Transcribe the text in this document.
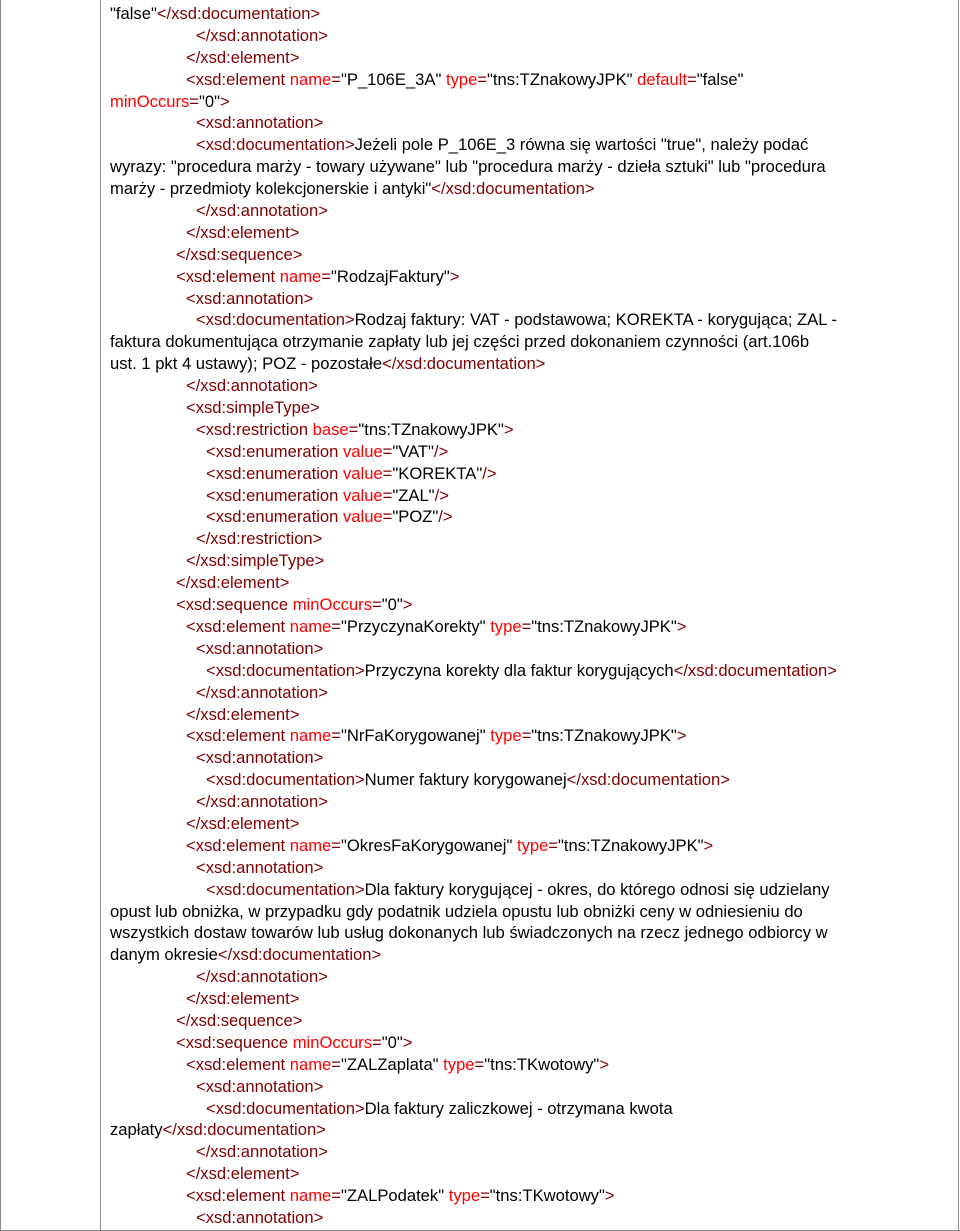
"false"</xsd:documentation>
</xsd:annotation>
</xsd:element>
<xsd:element name="P_106E_3A" type="tns:TZnakowyJPK" default="false"
minOccurs="0">
<xsd:annotation>
<xsd:documentation>Jeżeli pole P_106E_3 równa się wartości "true", należy podać
wyrazy: "procedura marży - towary używane" lub "procedura marży - dzieła sztuki" lub "procedura
marży - przedmioty kolekcjonerskie i antyki"</xsd:documentation>
</xsd:annotation>
</xsd:element>
</xsd:sequence>
<xsd:element name="RodzajFaktury">
<xsd:annotation>
<xsd:documentation>Rodzaj faktury: VAT - podstawowa; KOREKTA - korygująca; ZAL -
faktura dokumentująca otrzymanie zapłaty lub jej części przed dokonaniem czynności (art.106b
ust. 1 pkt 4 ustawy); POZ - pozostałe</xsd:documentation>
</xsd:annotation>
<xsd:simpleType>
<xsd:restriction base="tns:TZnakowyJPK">
<xsd:enumeration value="VAT"/>
<xsd:enumeration value="KOREKTA"/>
<xsd:enumeration value="ZAL"/>
<xsd:enumeration value="POZ"/>
</xsd:restriction>
</xsd:simpleType>
</xsd:element>
<xsd:sequence minOccurs="0">
<xsd:element name="PrzyczynaKorekty" type="tns:TZnakowyJPK">
<xsd:annotation>
<xsd:documentation>Przyczyna korekty dla faktur korygujących</xsd:documentation>
</xsd:annotation>
</xsd:element>
<xsd:element name="NrFaKorygowanej" type="tns:TZnakowyJPK">
<xsd:annotation>
<xsd:documentation>Numer faktury korygowanej</xsd:documentation>
</xsd:annotation>
</xsd:element>
<xsd:element name="OkresFaKorygowanej" type="tns:TZnakowyJPK">
<xsd:annotation>
<xsd:documentation>Dla faktury korygującej - okres, do którego odnosi się udzielany
opust lub obniżka, w przypadku gdy podatnik udziela opustu lub obniżki ceny w odniesieniu do
wszystkich dostaw towarów lub usług dokonanych lub świadczonych na rzecz jednego odbiorcy w
danym okresie</xsd:documentation>
</xsd:annotation>
</xsd:element>
</xsd:sequence>
<xsd:sequence minOccurs="0">
<xsd:element name="ZALZaplata" type="tns:TKwotowy">
<xsd:annotation>
<xsd:documentation>Dla faktury zaliczkowej - otrzymana kwota
zapłaty</xsd:documentation>
</xsd:annotation>
</xsd:element>
<xsd:element name="ZALPodatek" type="tns:TKwotowy">
<xsd:annotation>
